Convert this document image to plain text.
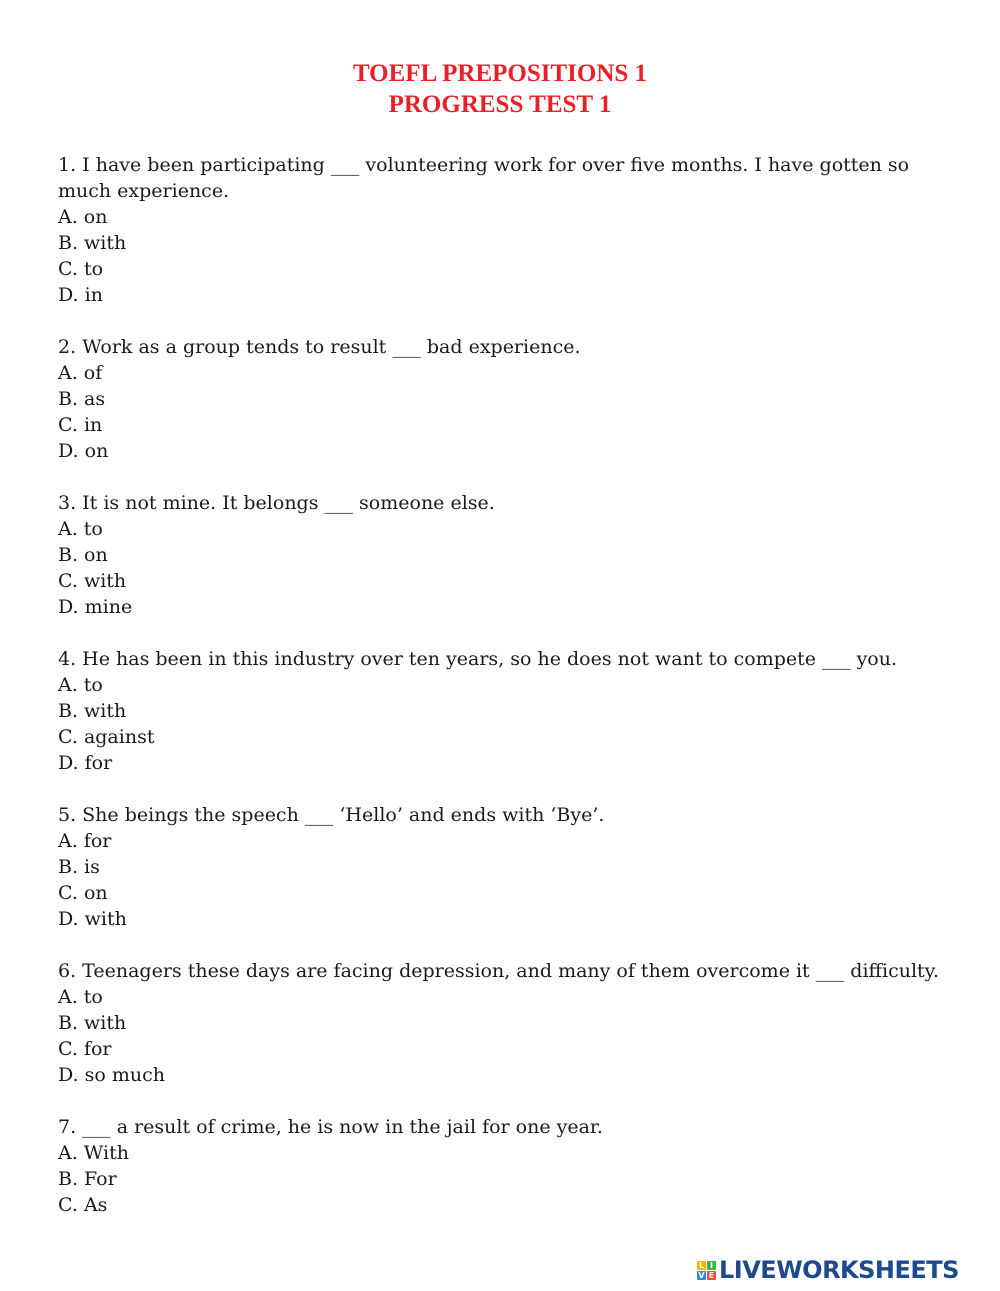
TOEFL PREPOSITIONS 1
PROGRESS TEST 1
1. I have been participating ___ volunteering work for over five months. I have gotten so much experience.
A. on
B. with
C. to
D. in
2. Work as a group tends to result ___ bad experience.
A. of
B. as
C. in
D. on
3. It is not mine. It belongs ___ someone else.
A. to
B. on
C. with
D. mine
4. He has been in this industry over ten years, so he does not want to compete ___ you.
A. to
B. with
C. against
D. for
5. She beings the speech ___ ‘Hello’ and ends with ‘Bye’.
A. for
B. is
C. on
D. with
6. Teenagers these days are facing depression, and many of them overcome it ___ difficulty.
A. to
B. with
C. for
D. so much
7. ___ a result of crime, he is now in the jail for one year.
A. With
B. For
C. As
L I
V E LIVEWORKSHEETS
